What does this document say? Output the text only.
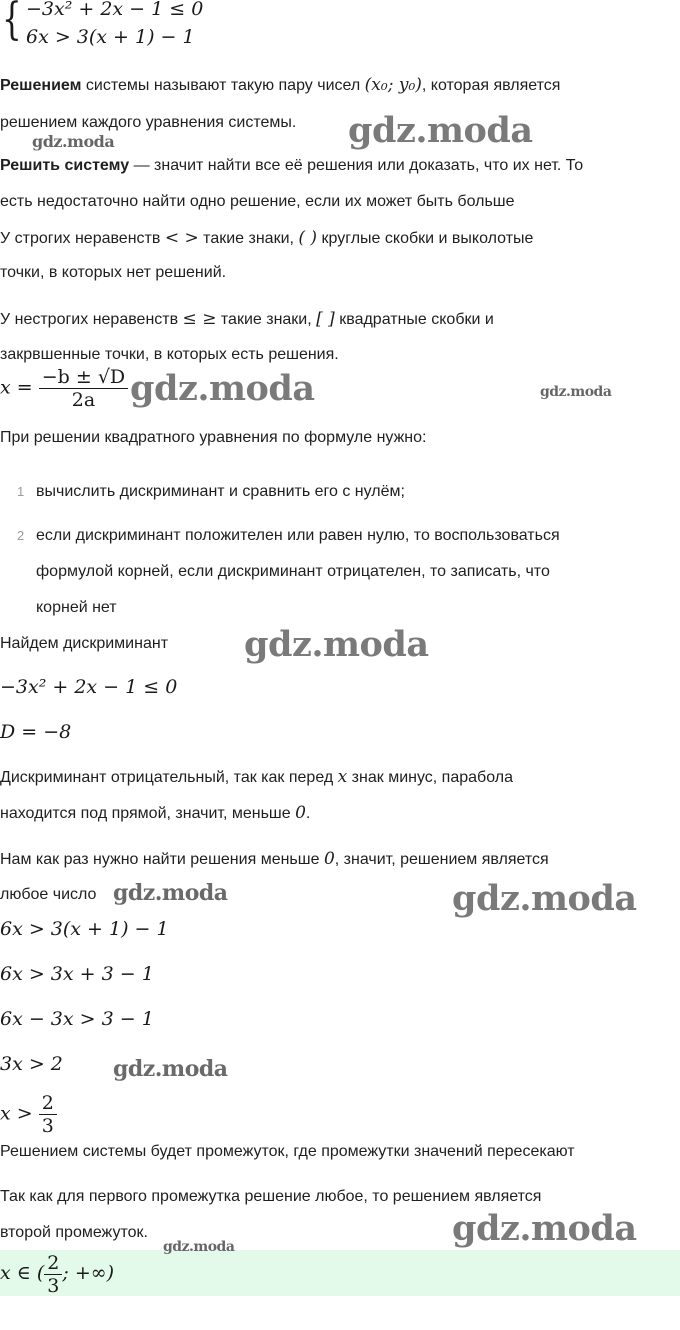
{ −3x² + 2x − 1 ≤ 0
6x > 3(x + 1) − 1
Решением системы называют такую пару чисел (x₀; y₀), которая является
решением каждого уравнения системы.
Решить систему — значит найти все её решения или доказать, что их нет. То
есть недостаточно найти одно решение, если их может быть больше
У строгих неравенств < > такие знаки, ( ) круглые скобки и выколотые
точки, в которых нет решений.
У нестрогих неравенств ≤ ≥ такие знаки, [ ] квадратные скобки и
закрвшенные точки, в которых есть решения.
$x = \frac{-b \pm √D}{2a}$
При решении квадратного уравнения по формуле нужно:
1 вычислить дискриминант и сравнить его с нулём;
2 если дискриминант положителен или равен нулю, то воспользоваться
формулой корней, если дискриминант отрицателен, то записать, что
корней нет
Найдем дискриминант
−3x² + 2x − 1 ≤ 0
D = −8
Дискриминант отрицательный, так как перед x знак минус, парабола
находится под прямой, значит, меньше 0.
Нам как раз нужно найти решения меньше 0, значит, решением является
любое число
6x > 3(x + 1) − 1
6x > 3x + 3 − 1
6x − 3x > 3 − 1
3x > 2
$x > \frac{2}{3}$
Решением системы будет промежуток, где промежутки значений пересекают
Так как для первого промежутка решение любое, то решением является
второй промежуток.
x ∈ ( $\frac{2}{3}$ ; +∞)
gdz.moda
gdz.moda
gdz.moda	gdz.moda
gdz.moda
gdz.moda	gdz.moda
gdz.moda
gdz.moda
gdz.moda
